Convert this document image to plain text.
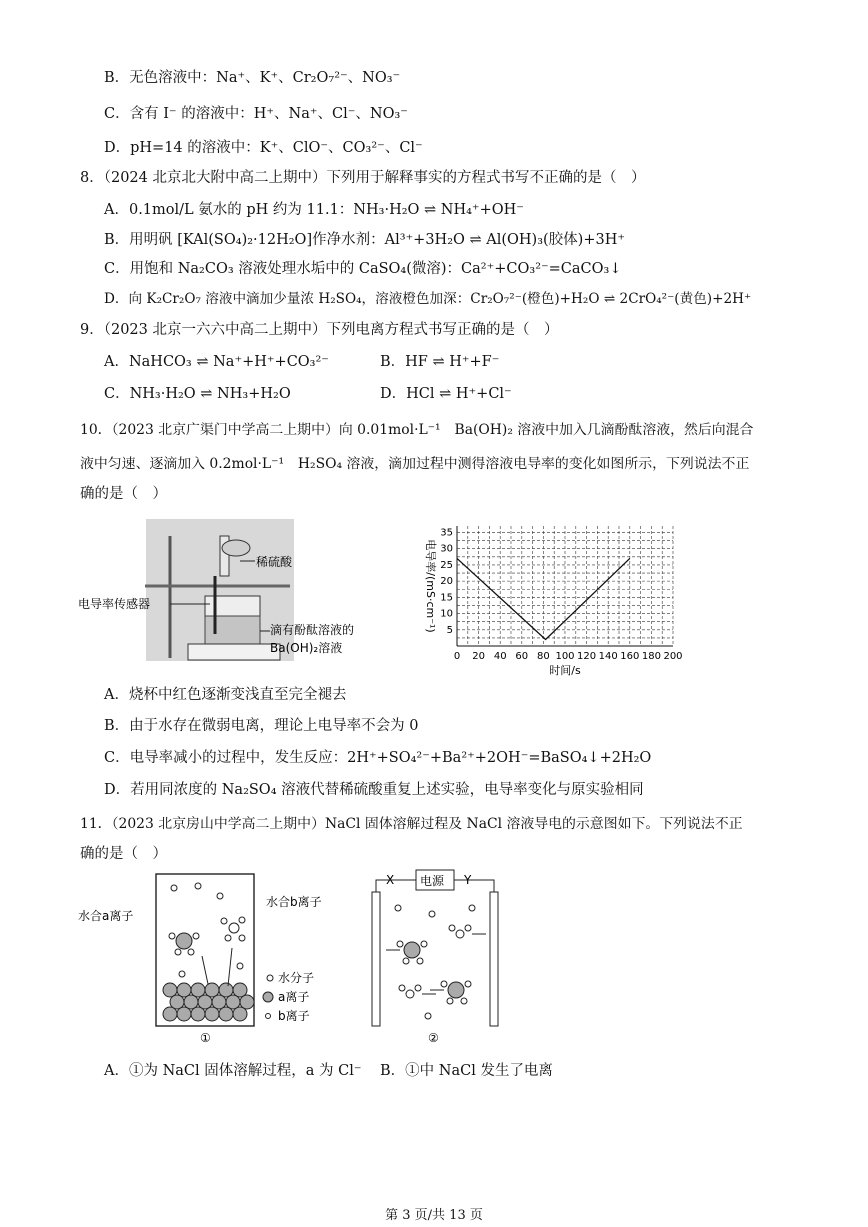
B．无色溶液中：Na⁺、K⁺、Cr₂O₇²⁻、NO₃⁻
C．含有 I⁻ 的溶液中：H⁺、Na⁺、Cl⁻、NO₃⁻
D．pH=14 的溶液中：K⁺、ClO⁻、CO₃²⁻、Cl⁻
8．（2024 北京北大附中高二上期中）下列用于解释事实的方程式书写不正确的是（　）
A．0.1mol/L 氨水的 pH 约为 11.1：NH₃·H₂O ⇌ NH₄⁺+OH⁻
B．用明矾 [KAl(SO₄)₂·12H₂O]作净水剂：Al³⁺+3H₂O ⇌ Al(OH)₃(胶体)+3H⁺
C．用饱和 Na₂CO₃ 溶液处理水垢中的 CaSO₄(微溶)：Ca²⁺+CO₃²⁻=CaCO₃↓
D．向 K₂Cr₂O₇ 溶液中滴加少量浓 H₂SO₄，溶液橙色加深：Cr₂O₇²⁻(橙色)+H₂O ⇌ 2CrO₄²⁻(黄色)+2H⁺
9．（2023 北京一六六中高二上期中）下列电离方程式书写正确的是（　）
A．NaHCO₃ ⇌ Na⁺+H⁺+CO₃²⁻	B．HF ⇌ H⁺+F⁻
C．NH₃·H₂O ⇌ NH₃+H₂O	D．HCl ⇌ H⁺+Cl⁻
10．（2023 北京广渠门中学高二上期中）向 0.01mol·L⁻¹　Ba(OH)₂ 溶液中加入几滴酚酞溶液，然后向混合
液中匀速、逐滴加入 0.2mol·L⁻¹　H₂SO₄ 溶液，滴加过程中测得溶液电导率的变化如图所示，下列说法不正
确的是（　）
稀硫酸
电导率传感器
滴有酚酞溶液的
Ba(OH)₂溶液
0 20 40 60 80 100 120 140 160 180 200
5
10
15
20
25
30
35
时间/s
电导率/(mS·cm⁻¹)
A．烧杯中红色逐渐变浅直至完全褪去
B．由于水存在微弱电离，理论上电导率不会为 0
C．电导率减小的过程中，发生反应：2H⁺+SO₄²⁻+Ba²⁺+2OH⁻=BaSO₄↓+2H₂O
D．若用同浓度的 Na₂SO₄ 溶液代替稀硫酸重复上述实验，电导率变化与原实验相同
11．（2023 北京房山中学高二上期中）NaCl 固体溶解过程及 NaCl 溶液导电的示意图如下。下列说法不正
确的是（　）
水合a离子
水合b离子
水分子
a离子
b离子
①
电源
X	Y
②
A．①为 NaCl 固体溶解过程，a 为 Cl⁻ B．①中 NaCl 发生了电离
第 3 页/共 13 页
